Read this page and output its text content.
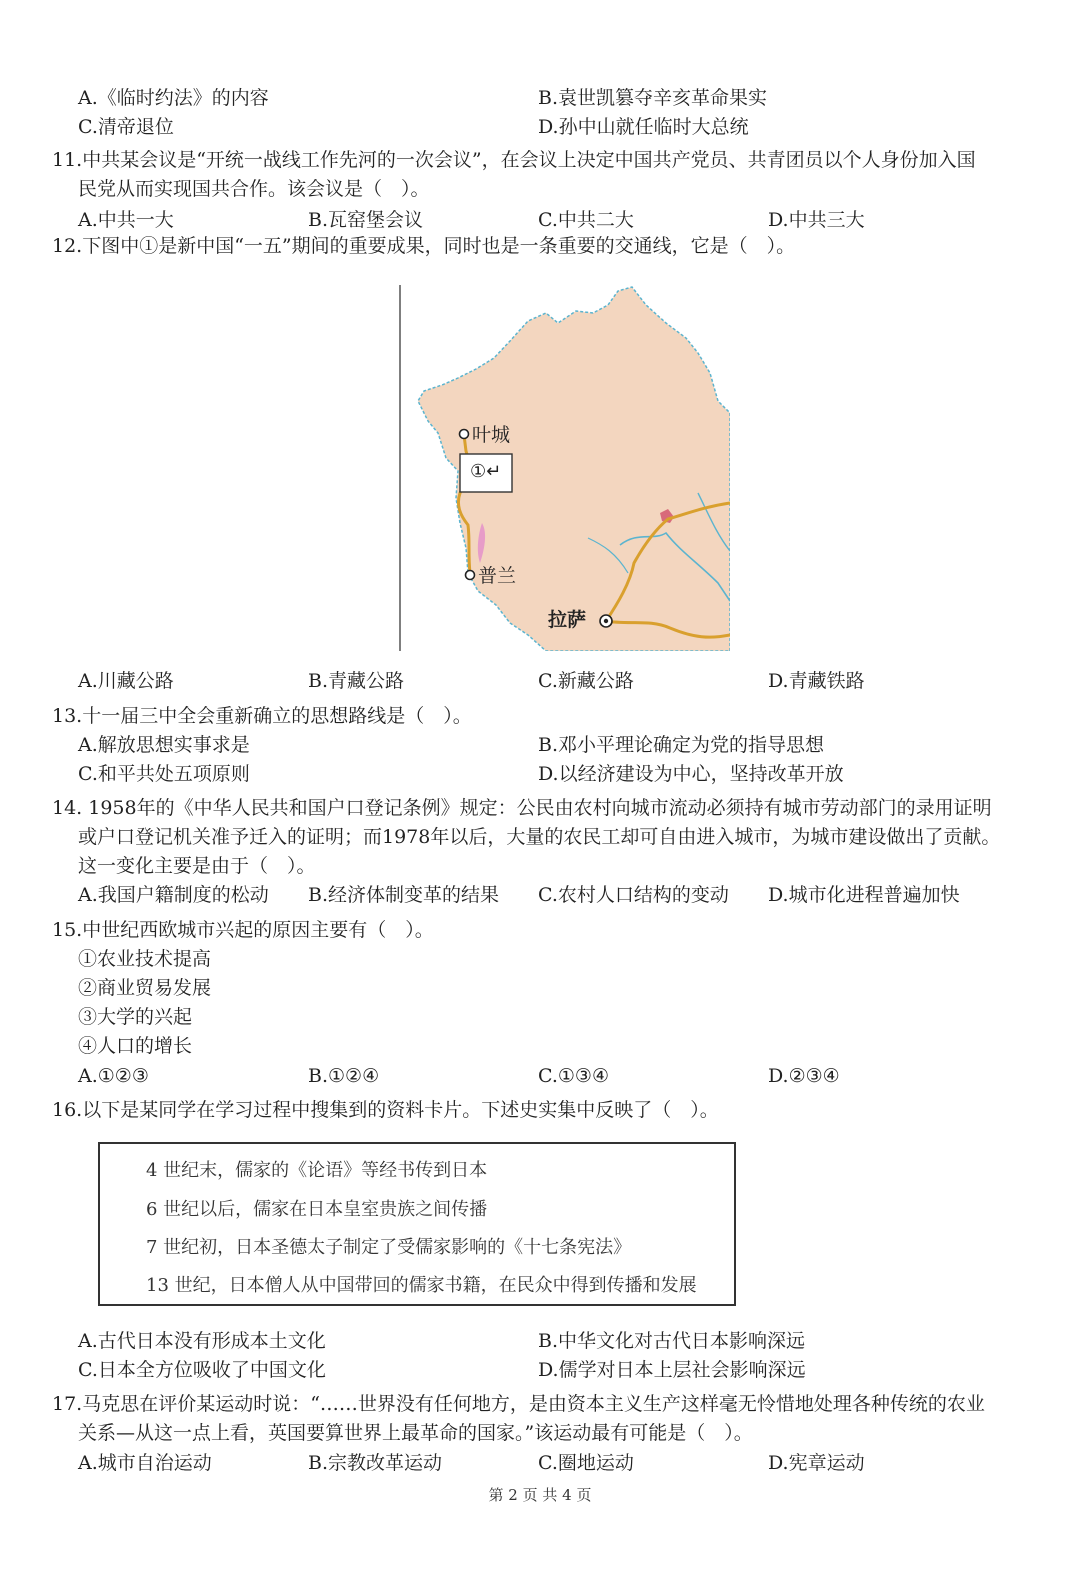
A.《临时约法》的内容	B.袁世凯篡夺辛亥革命果实
C.清帝退位	D.孙中山就任临时大总统
11.中共某会议是“开统一战线工作先河的一次会议”，在会议上决定中国共产党员、共青团员以个人身份加入国
民党从而实现国共合作。该会议是（　）。
A.中共一大	B.瓦窑堡会议	C.中共二大	D.中共三大
12.下图中①是新中国“一五”期间的重要成果，同时也是一条重要的交通线，它是（　）。
叶城
普兰
拉萨
①↵
A.川藏公路	B.青藏公路	C.新藏公路	D.青藏铁路
13.十一届三中全会重新确立的思想路线是（　）。
A.解放思想实事求是	B.邓小平理论确定为党的指导思想
C.和平共处五项原则	D.以经济建设为中心，坚持改革开放
14. 1958年的《中华人民共和国户口登记条例》规定：公民由农村向城市流动必须持有城市劳动部门的录用证明
或户口登记机关准予迁入的证明；而1978年以后，大量的农民工却可自由进入城市，为城市建设做出了贡献。
这一变化主要是由于（　）。
A.我国户籍制度的松动 B.经济体制变革的结果 C.农村人口结构的变动 D.城市化进程普遍加快
15.中世纪西欧城市兴起的原因主要有（　）。
①农业技术提高
②商业贸易发展
③大学的兴起
④人口的增长
A.①②③	B.①②④	C.①③④	D.②③④
16.以下是某同学在学习过程中搜集到的资料卡片。下述史实集中反映了（　）。
4 世纪末，儒家的《论语》等经书传到日本
6 世纪以后，儒家在日本皇室贵族之间传播
7 世纪初，日本圣德太子制定了受儒家影响的《十七条宪法》
13 世纪，日本僧人从中国带回的儒家书籍，在民众中得到传播和发展
A.古代日本没有形成本土文化	B.中华文化对古代日本影响深远
C.日本全方位吸收了中国文化	D.儒学对日本上层社会影响深远
17.马克思在评价某运动时说：“……世界没有任何地方，是由资本主义生产这样毫无怜惜地处理各种传统的农业
关系—从这一点上看，英国要算世界上最革命的国家。”该运动最有可能是（　）。
A.城市自治运动	B.宗教改革运动	C.圈地运动	D.宪章运动
第 2 页 共 4 页
